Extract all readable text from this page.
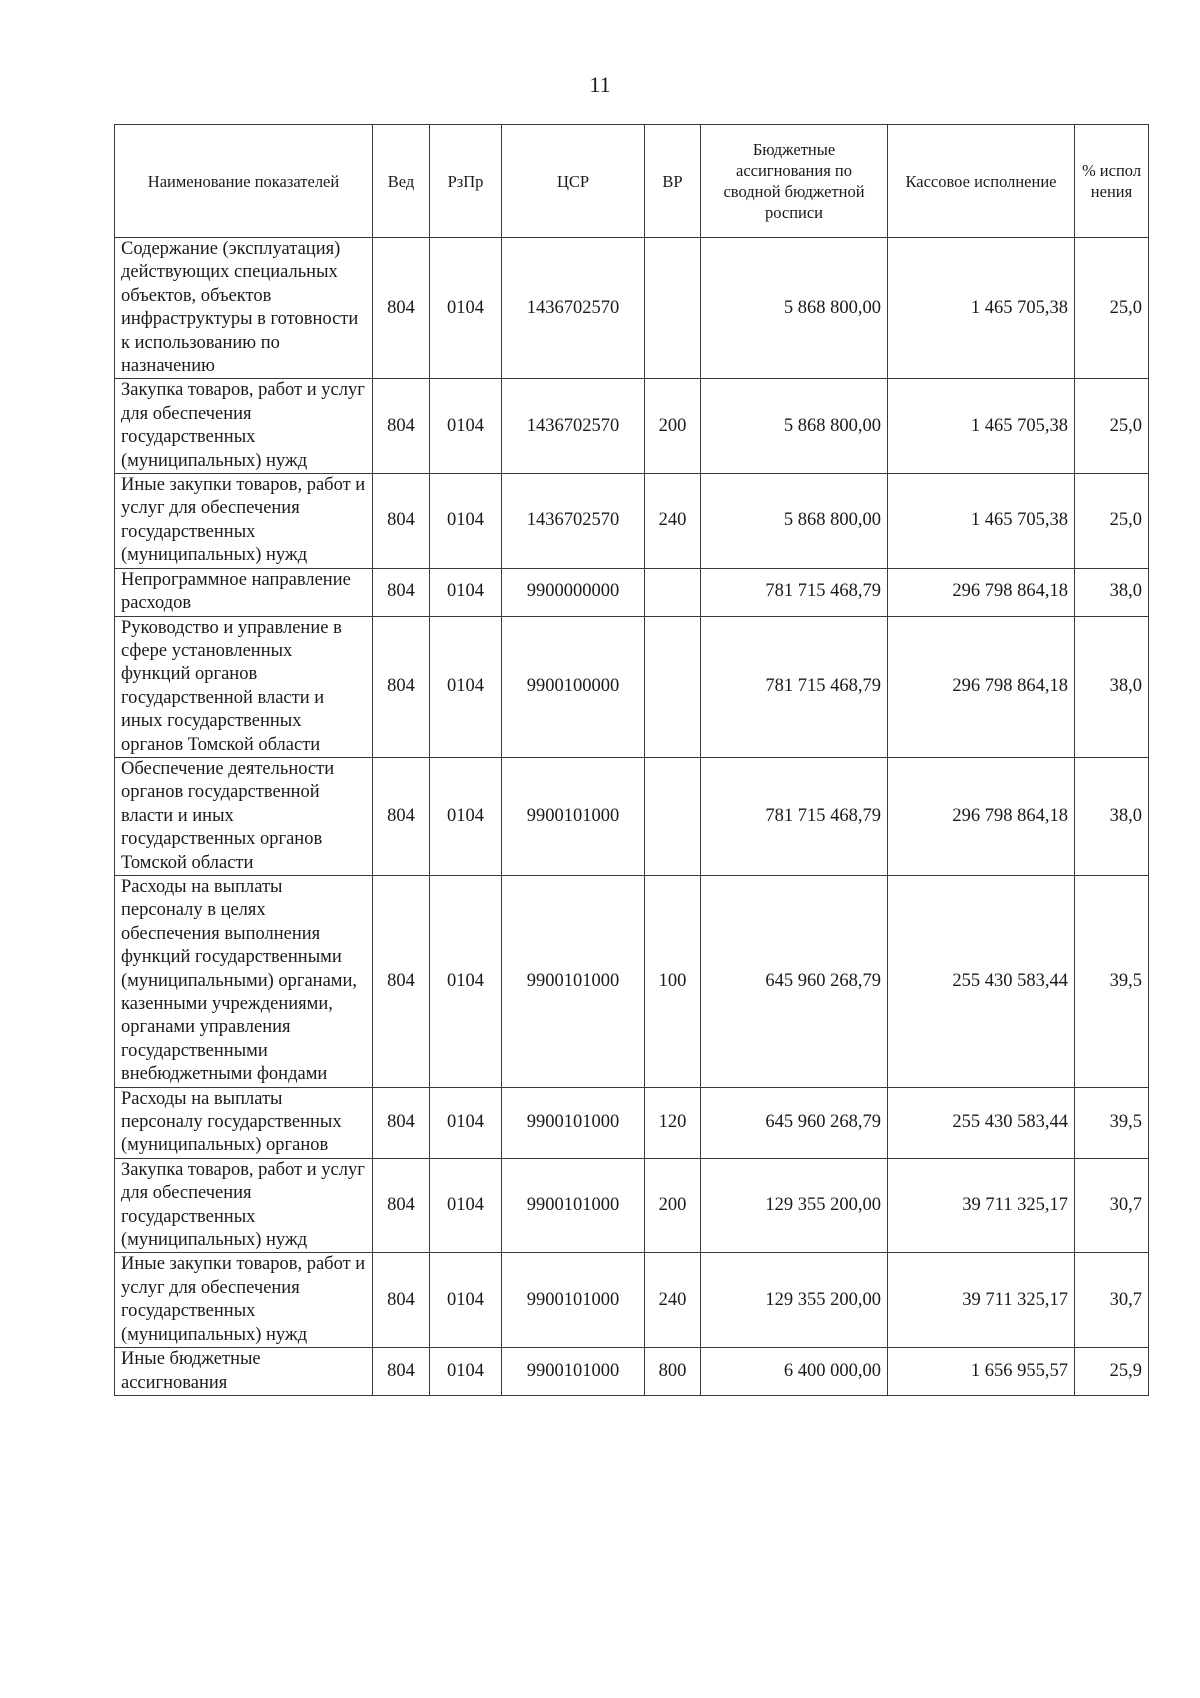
11
Наименование показателей	Вед	РзПр	ЦСР	ВР	Бюджетные ассигнования по сводной бюджетной росписи	Кассовое исполнение	% испол нения
Содержание (эксплуатация) действующих специальных объектов, объектов инфраструктуры в готовности к использованию по назначению	804	0104	1436702570		5 868 800,00	1 465 705,38	25,0
Закупка товаров, работ и услуг для обеспечения государственных (муниципальных) нужд	804	0104	1436702570	200	5 868 800,00	1 465 705,38	25,0
Иные закупки товаров, работ и услуг для обеспечения государственных (муниципальных) нужд	804	0104	1436702570	240	5 868 800,00	1 465 705,38	25,0
Непрограммное направление расходов	804	0104	9900000000		781 715 468,79	296 798 864,18	38,0
Руководство и управление в сфере установленных функций органов государственной власти и иных государственных органов Томской области	804	0104	9900100000		781 715 468,79	296 798 864,18	38,0
Обеспечение деятельности органов государственной власти и иных государственных органов Томской области	804	0104	9900101000		781 715 468,79	296 798 864,18	38,0
Расходы на выплаты персоналу в целях обеспечения выполнения функций государственными (муниципальными) органами, казенными учреждениями, органами управления государственными внебюджетными фондами	804	0104	9900101000	100	645 960 268,79	255 430 583,44	39,5
Расходы на выплаты персоналу государственных (муниципальных) органов	804	0104	9900101000	120	645 960 268,79	255 430 583,44	39,5
Закупка товаров, работ и услуг для обеспечения государственных (муниципальных) нужд	804	0104	9900101000	200	129 355 200,00	39 711 325,17	30,7
Иные закупки товаров, работ и услуг для обеспечения государственных (муниципальных) нужд	804	0104	9900101000	240	129 355 200,00	39 711 325,17	30,7
Иные бюджетные ассигнования	804	0104	9900101000	800	6 400 000,00	1 656 955,57	25,9
